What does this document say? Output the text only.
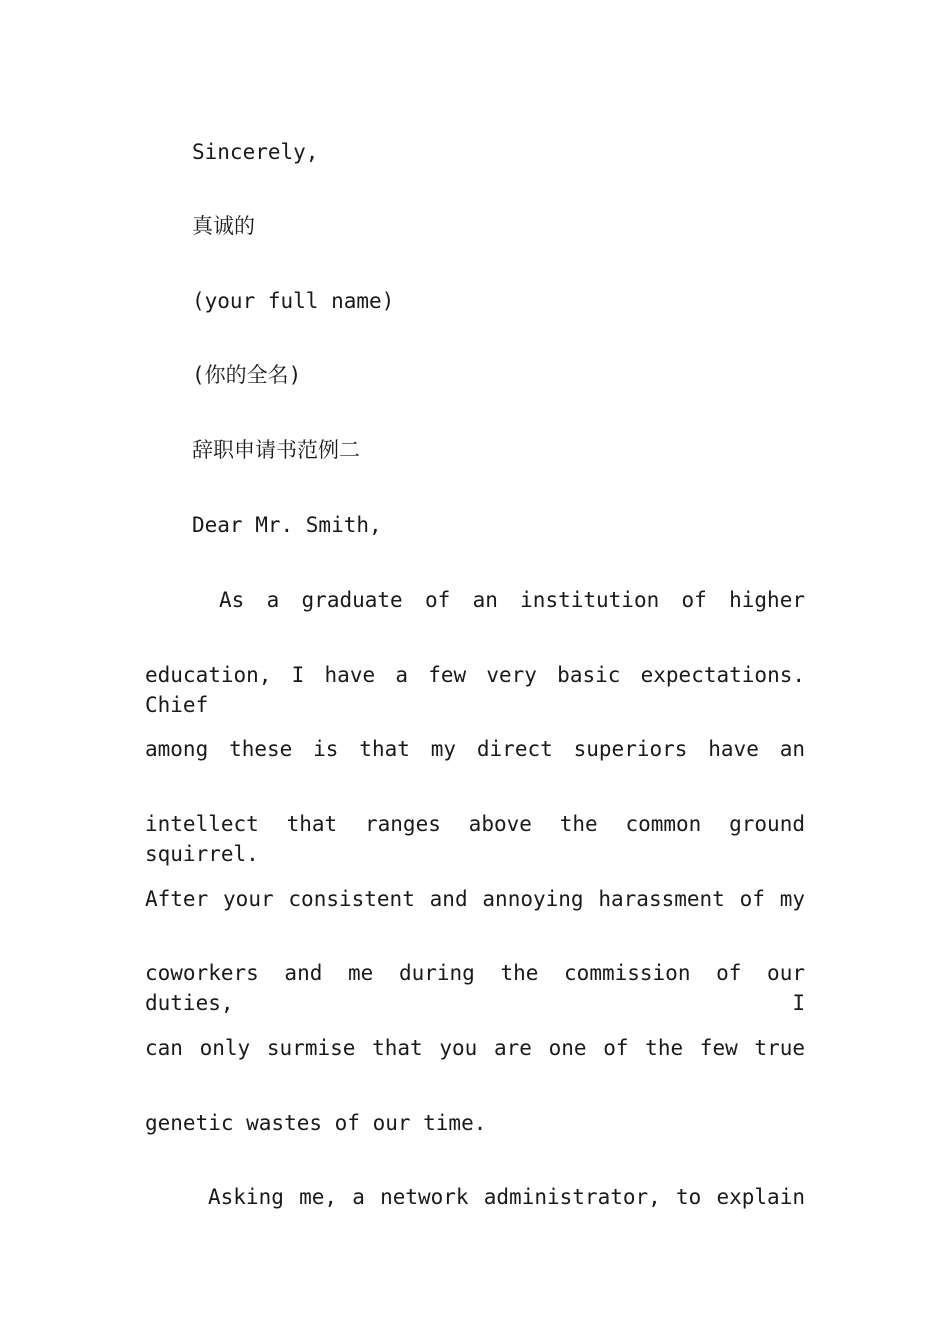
Sincerely,

真诚的

(your full name)

(你的全名)

辞职申请书范例二

Dear Mr. Smith,

As a graduate of an institution of higher

education, I have a few very basic expectations. Chief

among these is that my direct superiors have an

intellect that ranges above the common ground squirrel.

After your consistent and annoying harassment of my

coworkers and me during the commission of our duties, I

can only surmise that you are one of the few true

genetic wastes of our time.

Asking me, a network administrator, to explain
